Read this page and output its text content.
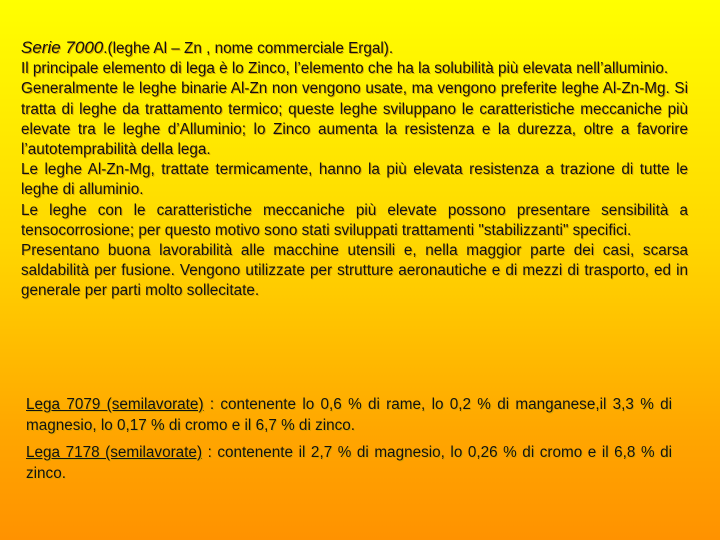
Serie 7000.(leghe Al – Zn , nome commerciale Ergal).

Il principale elemento di lega è lo Zinco, l’elemento che ha la solubilità più elevata nell’alluminio.

Generalmente le leghe binarie Al-Zn non vengono usate, ma vengono preferite leghe Al-Zn-Mg. Si tratta di leghe da trattamento termico; queste leghe sviluppano le caratteristiche meccaniche più elevate tra le leghe d’Alluminio; lo Zinco aumenta la resistenza e la durezza, oltre a favorire l’autotemprabilità della lega.

Le leghe Al-Zn-Mg, trattate termicamente, hanno la più elevata resistenza a trazione di tutte le leghe di alluminio.

Le leghe con le caratteristiche meccaniche più elevate possono presentare sensibilità a tensocorrosione; per questo motivo sono stati sviluppati trattamenti "stabilizzanti" specifici.

Presentano buona lavorabilità alle macchine utensili e, nella maggior parte dei casi, scarsa saldabilità per fusione. Vengono utilizzate per strutture aeronautiche e di mezzi di trasporto, ed in generale per parti molto sollecitate.

Lega 7079 (semilavorate) : contenente lo 0,6 % di rame, lo 0,2 % di manganese,il 3,3 % di magnesio, lo 0,17 % di cromo e il 6,7 % di zinco.

Lega 7178 (semilavorate) : contenente il 2,7 % di magnesio, lo 0,26 % di cromo e il 6,8 % di zinco.
